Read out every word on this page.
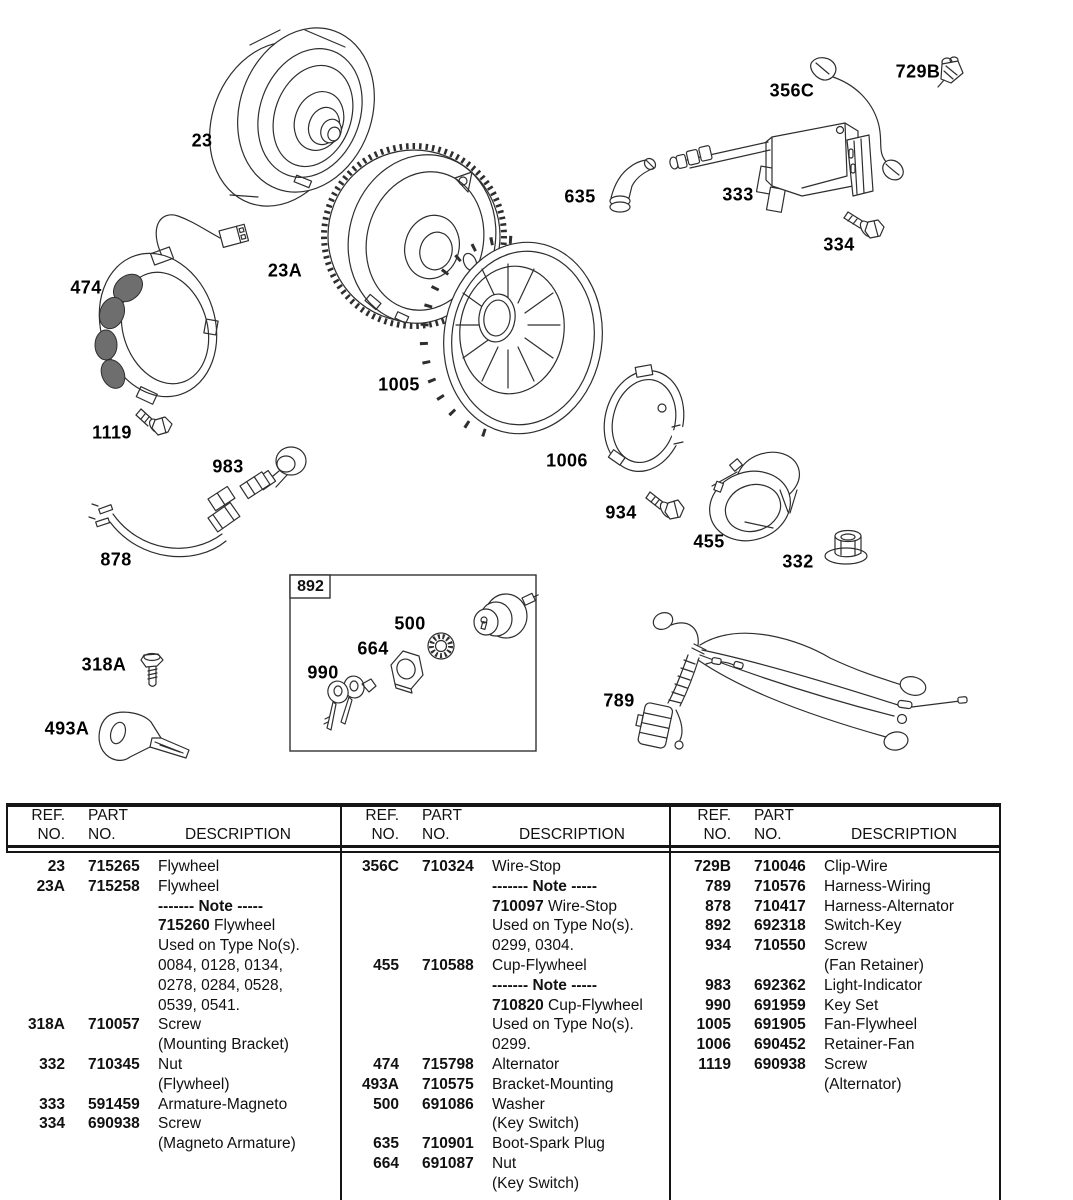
23
23A
474
1119
983
878
318A
493A
990
664
500
1005
1006
934
455
332
635	333
334
356C
729B
789
892
REF. PART
NO. NO.	DESCRIPTION
23 715265	Flywheel
23A 715258	Flywheel
------- Note -----
715260 Flywheel
Used on Type No(s).
0084, 0128, 0134,
0278, 0284, 0528,
0539, 0541.
318A 710057	Screw
(Mounting Bracket)
332 710345	Nut
(Flywheel)
333 591459	Armature-Magneto
334 690938	Screw
(Magneto Armature)
REF. PART
NO. NO.	DESCRIPTION
356C 710324	Wire-Stop
------- Note -----
710097 Wire-Stop
Used on Type No(s).
0299, 0304.
455 710588	Cup-Flywheel
------- Note -----
710820 Cup-Flywheel
Used on Type No(s).
0299.
474 715798	Alternator
493A 710575	Bracket-Mounting
500 691086	Washer
(Key Switch)
635 710901	Boot-Spark Plug
664 691087	Nut
(Key Switch)
REF. PART
NO. NO.	DESCRIPTION
729B 710046	Clip-Wire
789 710576	Harness-Wiring
878 710417	Harness-Alternator
892 692318	Switch-Key
934 710550	Screw
(Fan Retainer)
983 692362	Light-Indicator
990 691959	Key Set
1005 691905	Fan-Flywheel
1006 690452	Retainer-Fan
1119 690938	Screw
(Alternator)
